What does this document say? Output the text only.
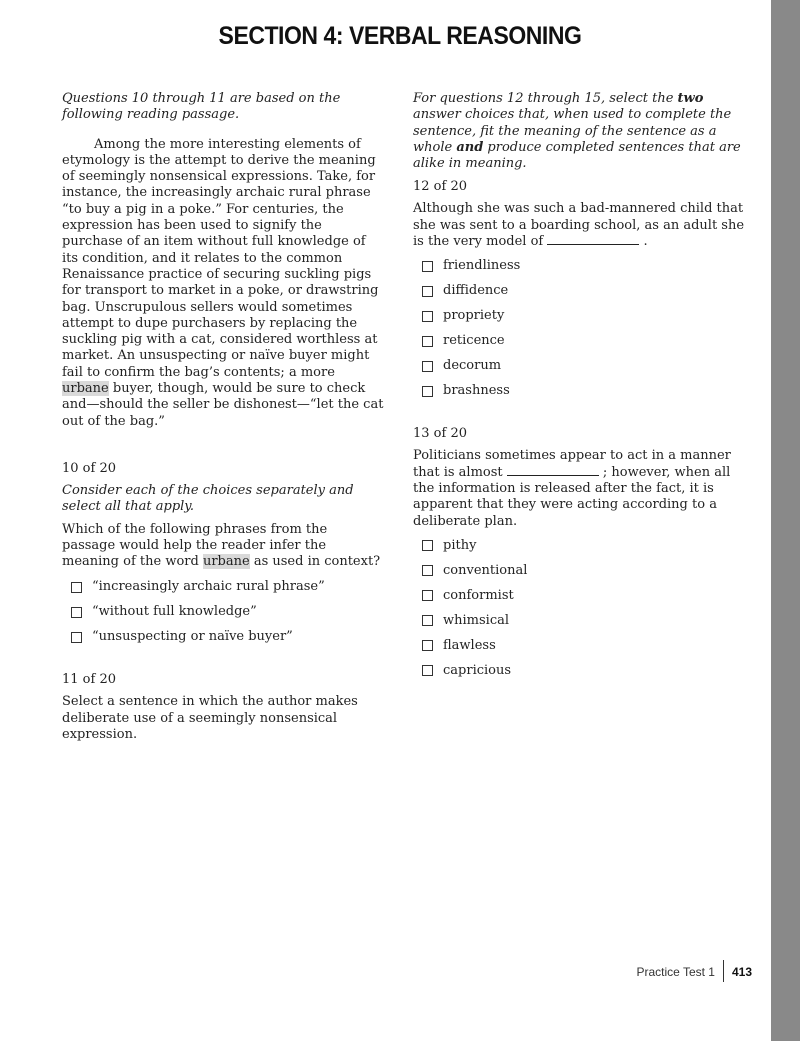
SECTION 4: VERBAL REASONING

Questions 10 through 11 are based on the following reading passage.

Among the more interesting elements of etymology is the attempt to derive the meaning of seemingly nonsensical expressions. Take, for instance, the increasingly archaic rural phrase “to buy a pig in a poke.” For centuries, the expression has been used to signify the purchase of an item without full knowledge of its condition, and it relates to the common Renaissance practice of securing suckling pigs for transport to market in a poke, or drawstring bag. Unscrupulous sellers would sometimes attempt to dupe purchasers by replacing the suckling pig with a cat, considered worthless at market. An unsuspecting or naïve buyer might fail to confirm the bag’s contents; a more urbane buyer, though, would be sure to check and—should the seller be dishonest—“let the cat out of the bag.”

10 of 20

Consider each of the choices separately and select all that apply.

Which of the following phrases from the passage would help the reader infer the meaning of the word urbane as used in context?

“increasingly archaic rural phrase”
“without full knowledge”
“unsuspecting or naïve buyer”

11 of 20

Select a sentence in which the author makes deliberate use of a seemingly nonsensical expression.

For questions 12 through 15, select the two answer choices that, when used to complete the sentence, fit the meaning of the sentence as a whole and produce completed sentences that are alike in meaning.

12 of 20

Although she was such a bad-mannered child that she was sent to a boarding school, as an adult she is the very model of	.

friendliness
diffidence
propriety
reticence
decorum
brashness

13 of 20

Politicians sometimes appear to act in a manner that is almost	; however, when all the information is released after the fact, it is apparent that they were acting according to a deliberate plan.

pithy
conventional
conformist
whimsical
flawless
capricious
Practice Test 1 413
